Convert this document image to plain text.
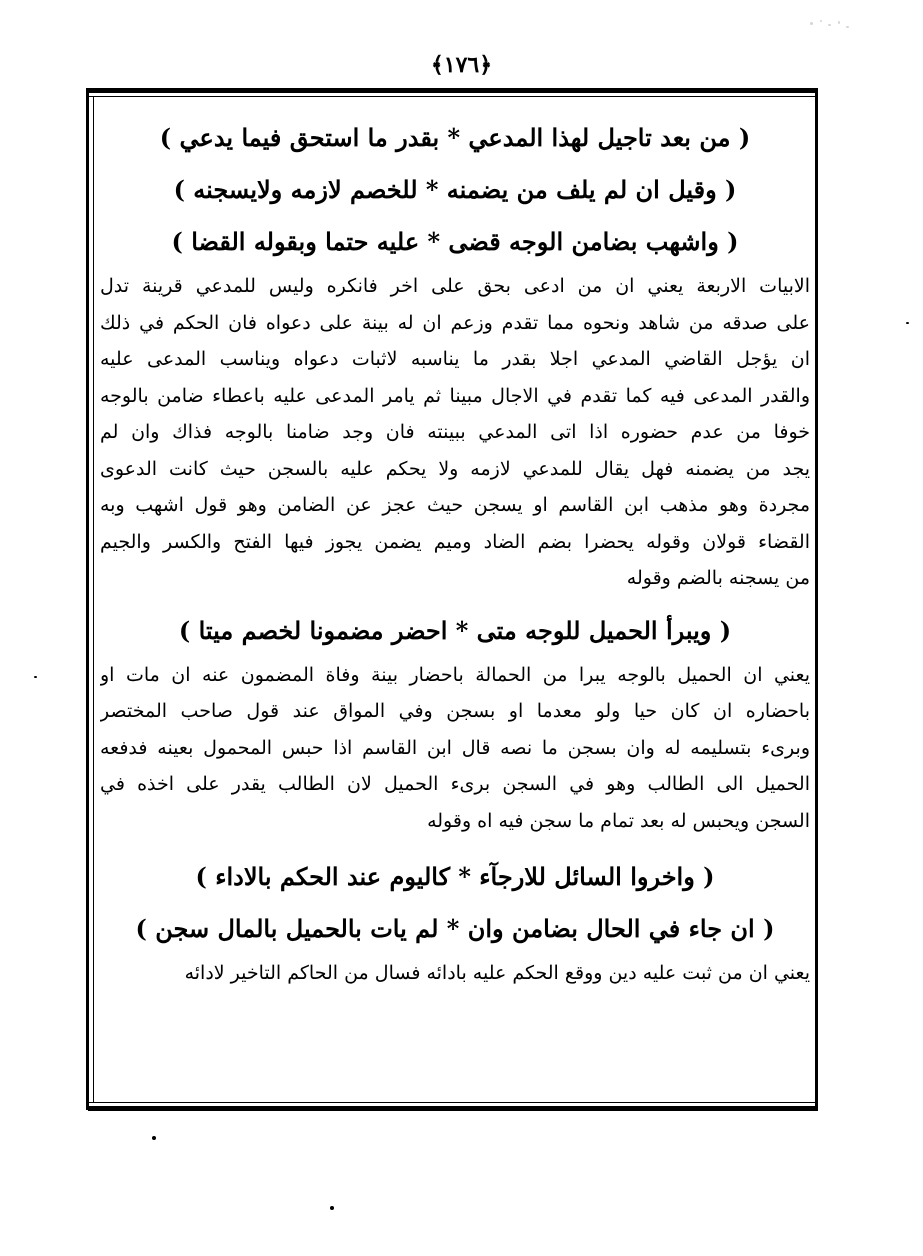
﴿١٧٦﴾
( من بعد تاجيل لهذا المدعي * بقدر ما استحق فيما يدعي )
( وقيل ان لم يلف من يضمنه * للخصم لازمه ولايسجنه )
( واشهب بضامن الوجه قضى * عليه حتما وبقوله القضا )
الابيات الاربعة يعني ان من ادعى بحق على اخر فانكره وليس للمدعي قرينة تدل
على صدقه من شاهد ونحوه مما تقدم وزعم ان له بينة على دعواه فان الحكم في ذلك
ان يؤجل القاضي المدعي اجلا بقدر ما يناسبه لاثبات دعواه ويناسب المدعى عليه
والقدر المدعى فيه كما تقدم في الاجال مبينا ثم يامر المدعى عليه باعطاء ضامن بالوجه
خوفا من عدم حضوره اذا اتى المدعي ببينته فان وجد ضامنا بالوجه فذاك وان لم
يجد من يضمنه فهل يقال للمدعي لازمه ولا يحكم عليه بالسجن حيث كانت الدعوى
مجردة وهو مذهب ابن القاسم او يسجن حيث عجز عن الضامن وهو قول اشهب وبه
القضاء قولان وقوله يحضرا بضم الضاد وميم يضمن يجوز فيها الفتح والكسر والجيم
من يسجنه بالضم وقوله
( ويبرأ الحميل للوجه متى * احضر مضمونا لخصم ميتا )
يعني ان الحميل بالوجه يبرا من الحمالة باحضار بينة وفاة المضمون عنه ان مات او
باحضاره ان كان حيا ولو معدما او بسجن وفي المواق عند قول صاحب المختصر
وبرىء بتسليمه له وان بسجن ما نصه قال ابن القاسم اذا حبس المحمول بعينه فدفعه
الحميل الى الطالب وهو في السجن برىء الحميل لان الطالب يقدر على اخذه في
السجن ويحبس له بعد تمام ما سجن فيه اه وقوله
( واخروا السائل للارجآء * كاليوم عند الحكم بالاداء )
( ان جاء في الحال بضامن وان * لم يات بالحميل بالمال سجن )
يعني ان من ثبت عليه دين ووقع الحكم عليه بادائه فسال من الحاكم التاخير لادائه
